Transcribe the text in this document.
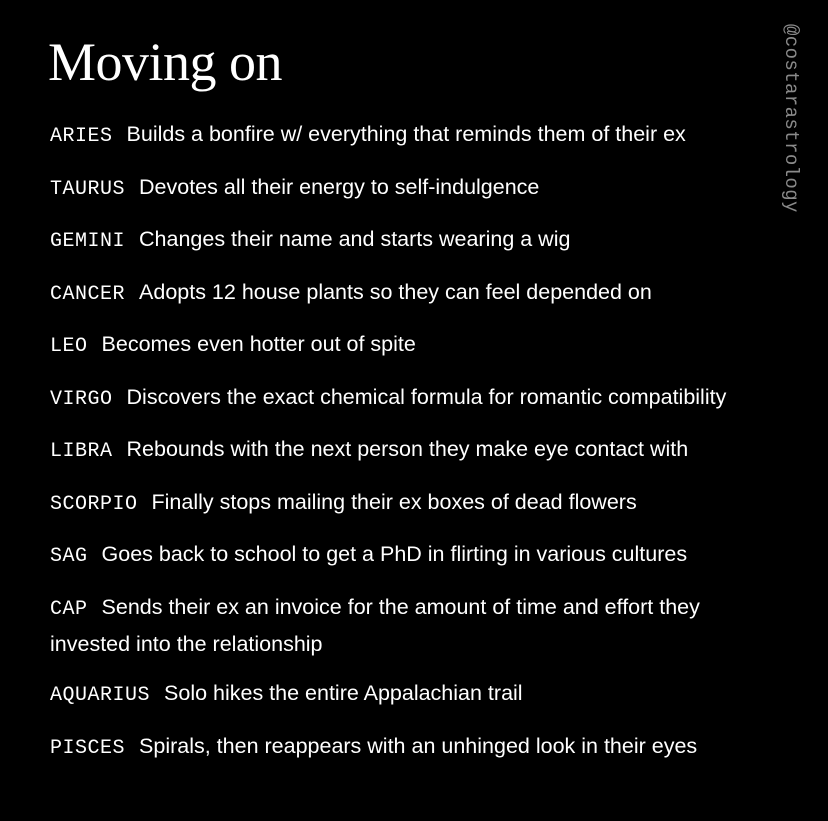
Moving on	@costarastrology
ARIES Builds a bonfire w/ everything that reminds them of their ex
TAURUS Devotes all their energy to self-indulgence
GEMINI Changes their name and starts wearing a wig
CANCER Adopts 12 house plants so they can feel depended on
LEO Becomes even hotter out of spite
VIRGO Discovers the exact chemical formula for romantic compatibility
LIBRA Rebounds with the next person they make eye contact with
SCORPIO Finally stops mailing their ex boxes of dead flowers
SAG Goes back to school to get a PhD in flirting in various cultures
CAP Sends their ex an invoice for the amount of time and effort they invested into the relationship
AQUARIUS Solo hikes the entire Appalachian trail
PISCES Spirals, then reappears with an unhinged look in their eyes
